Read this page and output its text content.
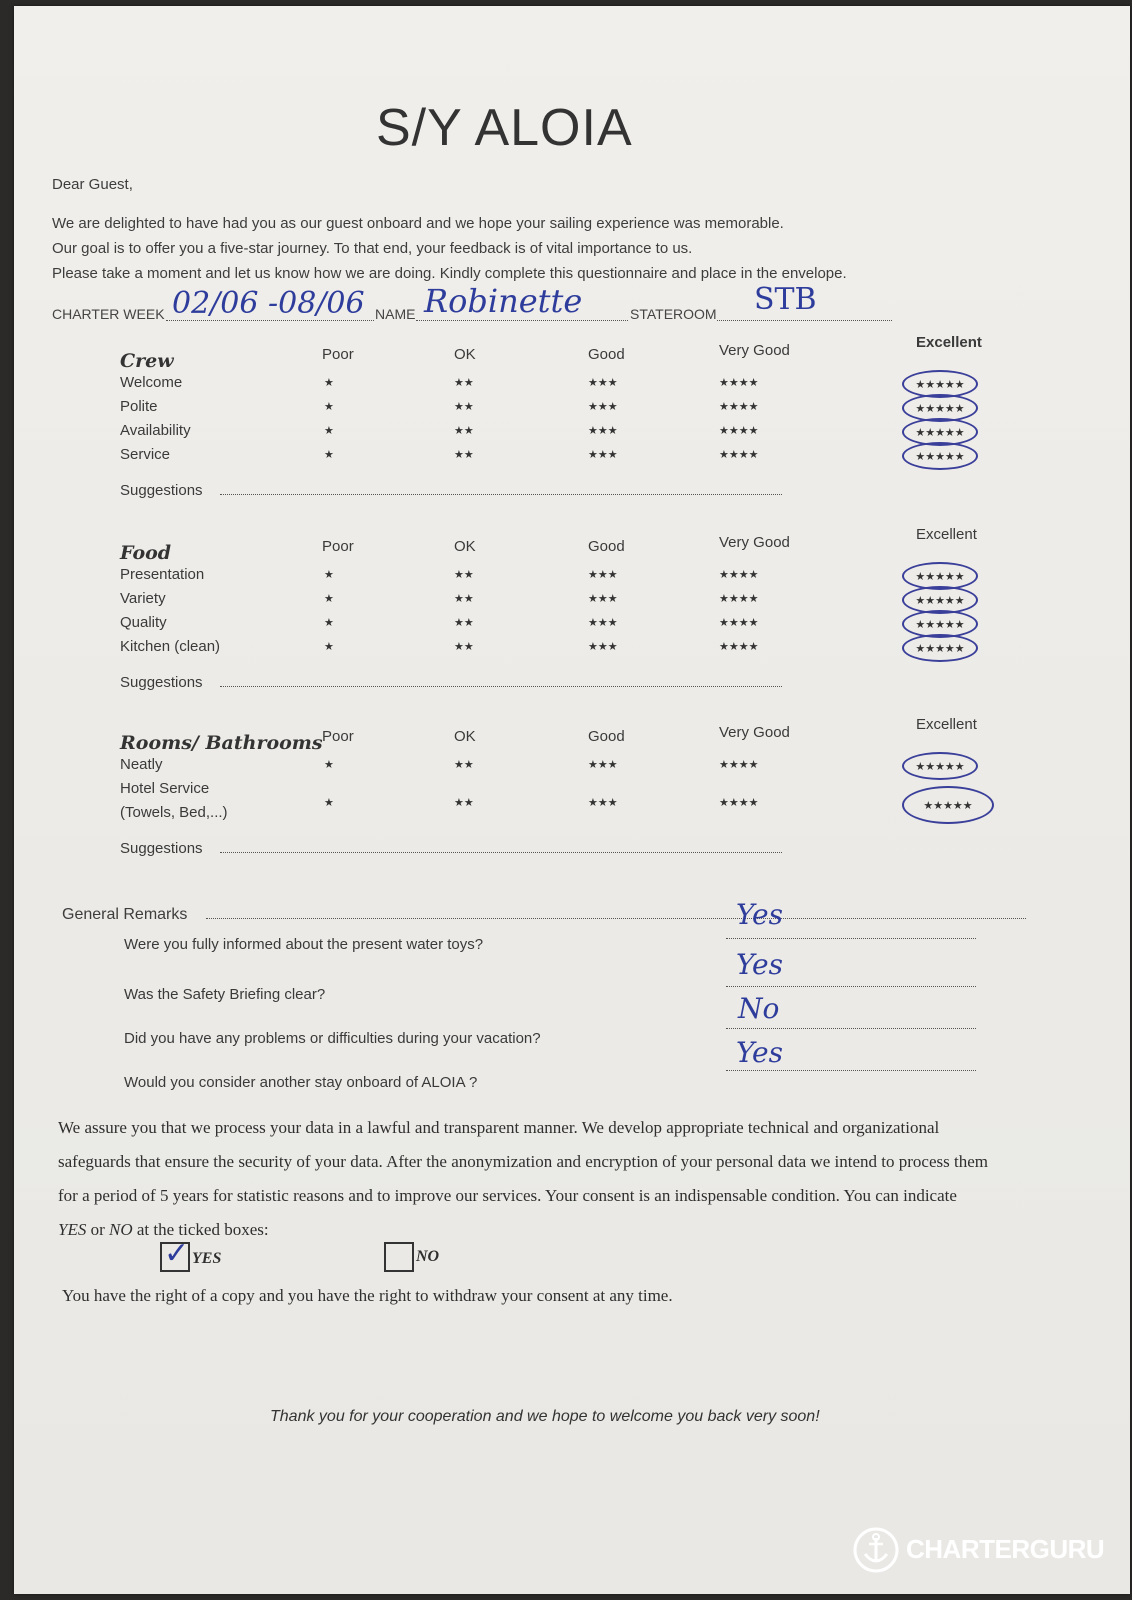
S/Y ALOIA
Dear Guest,
We are delighted to have had you as our guest onboard and we hope your sailing experience was memorable.
Our goal is to offer you a five-star journey. To that end, your feedback is of vital importance to us.
Please take a moment and let us know how we are doing. Kindly complete this questionnaire and place in the envelope.
CHARTER WEEK 02/06 -08/06 NAME Robinette	STATEROOM STB
General Remarks
We assure you that we process your data in a lawful and transparent manner. We develop appropriate technical and organizational
safeguards that ensure the security of your data. After the anonymization and encryption of your personal data we intend to process them
for a period of 5 years for statistic reasons and to improve our services. Your consent is an indispensable condition. You can indicate
YES or NO at the ticked boxes:
✓ YES	NO
You have the right of a copy and you have the right to withdraw your consent at any time.
Thank you for your cooperation and we hope to welcome you back very soon!
CHARTERGURU
Crew	Poor	OK	Good	Very Good	Excellent
Welcome	★	★★	★★★	★★★★	★★★★★
Polite	★	★★	★★★	★★★★	★★★★★
Availability	★	★★	★★★	★★★★	★★★★★
Service	★	★★	★★★	★★★★	★★★★★
Suggestions
Food	Poor	OK	Good	Very Good	Excellent
Presentation	★	★★	★★★	★★★★	★★★★★
Variety	★	★★	★★★	★★★★	★★★★★
Quality	★	★★	★★★	★★★★	★★★★★
Kitchen (clean)	★	★★	★★★	★★★★	★★★★★
Suggestions
Rooms/ Bathrooms Poor	OK	Good	Very Good	Excellent
Neatly	★	★★	★★★	★★★★	★★★★★
Hotel Service
(Towels, Bed,...)
★	★★	★★★	★★★★	★★★★★
Suggestions
Were you fully informed about the present water toys?
Yes
Was the Safety Briefing clear?
Yes
Did you have any problems or difficulties during your vacation?
No
Would you consider another stay onboard of ALOIA ?
Yes
